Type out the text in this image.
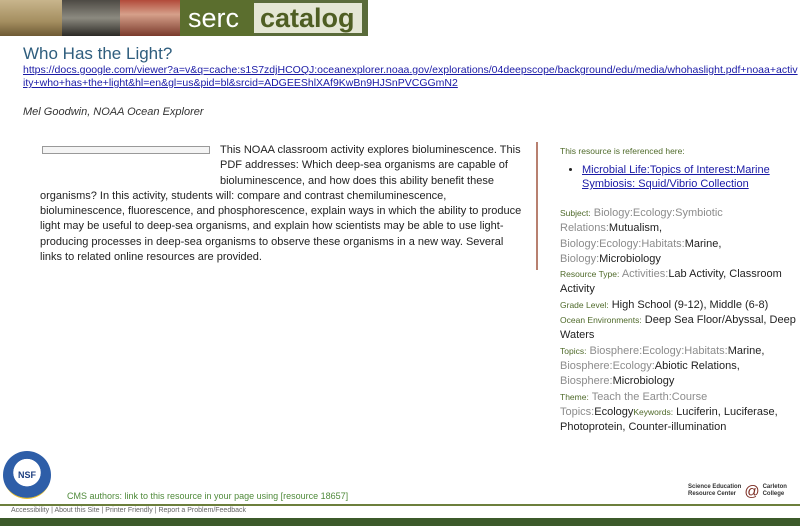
serc catalog
Who Has the Light?
https://docs.google.com/viewer?a=v&q=cache:s1S7zdjHCOQJ:oceanexplorer.noaa.gov/explorations/04deepscope/background/edu/media/whohaslight.pdf+noaa+activity+who+has+the+light&hl=en&gl=us&pid=bl&srcid=ADGEEShlXAf9KwBn9HJSnPVCGGmN2
Mel Goodwin, NOAA Ocean Explorer
This NOAA classroom activity explores bioluminescence. This PDF addresses: Which deep-sea organisms are capable of bioluminescence, and how does this ability benefit these organisms? In this activity, students will: compare and contrast chemiluminescence, bioluminescence, fluorescence, and phosphorescence, explain ways in which the ability to produce light may be useful to deep-sea organisms, and explain how scientists may be able to use light-producing processes in deep-sea organisms to observe these organisms in a new way. Several links to related online resources are provided.
This resource is referenced here:
• Microbial Life:Topics of Interest:Marine Symbiosis: Squid/Vibrio Collection
Subject: Biology:Ecology:Symbiotic Relations:Mutualism, Biology:Ecology:Habitats:Marine, Biology:Microbiology
Resource Type: Activities:Lab Activity, Classroom Activity
Grade Level: High School (9-12), Middle (6-8)
Ocean Environments: Deep Sea Floor/Abyssal, Deep Waters
Topics: Biosphere:Ecology:Habitats:Marine, Biosphere:Ecology:Abiotic Relations, Biosphere:Microbiology
Theme: Teach the Earth:Course
Topics:EcologyKeywords: Luciferin, Luciferase, Photoprotein, Counter-illumination
NSF
CMS authors: link to this resource in your page using [resource 18657]
Science Education
Resource Center @ Carleton
College
Accessibility | About this Site | Printer Friendly | Report a Problem/Feedback
